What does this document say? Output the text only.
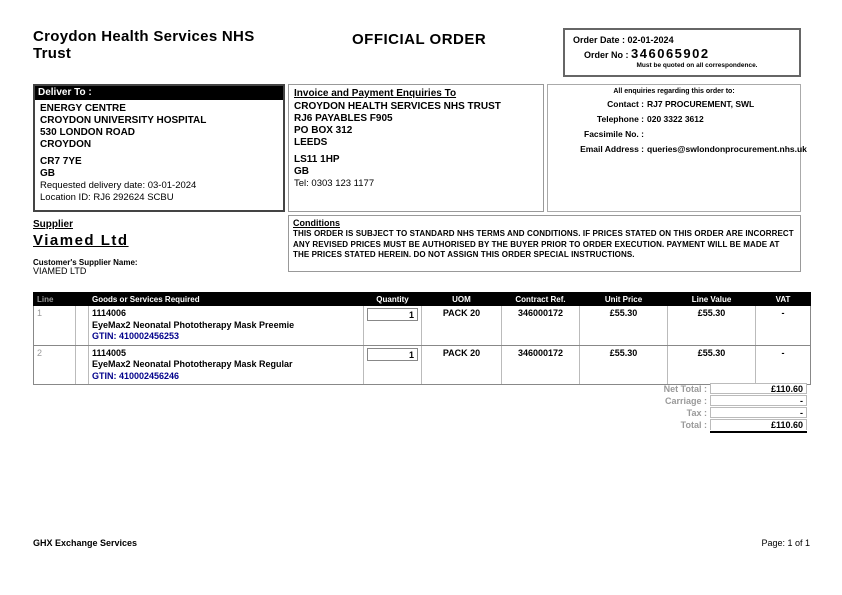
Croydon Health Services NHS Trust
OFFICIAL ORDER	Order Date : 02-01-2024
Order No : 346065902
Must be quoted on all correspondence.
Deliver To :
ENERGY CENTRE
CROYDON UNIVERSITY HOSPITAL
530 LONDON ROAD
CROYDON
CR7 7YE
GB
Requested delivery date: 03-01-2024
Location ID: RJ6 292624 SCBU
Invoice and Payment Enquiries To
CROYDON HEALTH SERVICES NHS TRUST
RJ6 PAYABLES F905
PO BOX 312
LEEDS
LS11 1HP
GB
Tel: 0303 123 1177
All enquiries regarding this order to:
Contact : RJ7 PROCUREMENT, SWL
Telephone : 020 3322 3612
Facsimile No. :
Email Address : queries@swlondonprocurement.nhs.uk
Supplier
Viamed Ltd
Customer's Supplier Name:
VIAMED LTD
Conditions
THIS ORDER IS SUBJECT TO STANDARD NHS TERMS AND CONDITIONS. IF PRICES STATED ON THIS ORDER ARE INCORRECT ANY REVISED PRICES MUST BE AUTHORISED BY THE BUYER PRIOR TO ORDER EXECUTION. PAYMENT WILL BE MADE AT THE PRICES STATED HEREIN. DO NOT ASSIGN THIS ORDER SPECIAL INSTRUCTIONS.
Line		Goods or Services Required	Quantity	UOM	Contract Ref.	Unit Price	Line Value	VAT
1		1114006
EyeMax2 Neonatal Phototherapy Mask Preemie
GTIN: 410002456253	1	PACK 20	346000172	£55.30	£55.30	-
2		1114005
EyeMax2 Neonatal Phototherapy Mask Regular
GTIN: 410002456246	1	PACK 20	346000172	£55.30	£55.30	-
Net Total :	£110.60
Carriage :	-
Tax :	-
Total :	£110.60
GHX Exchange Services	Page: 1 of 1
